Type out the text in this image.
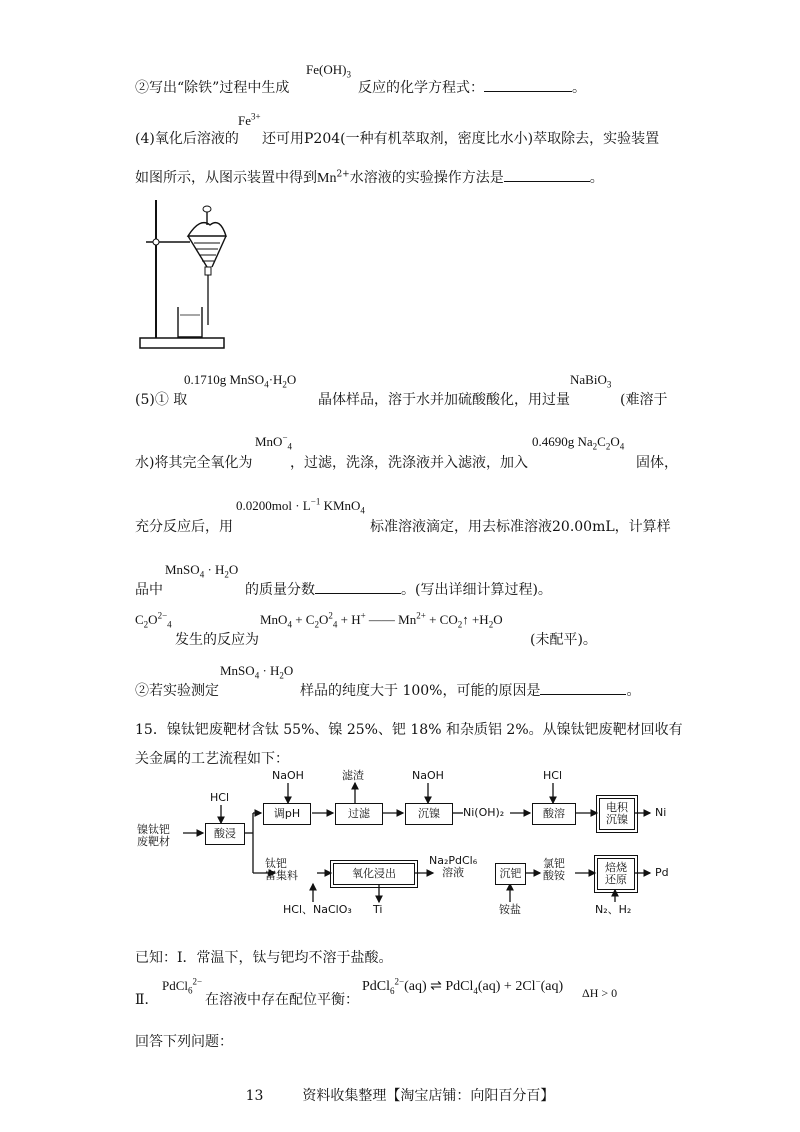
②写出“除铁”过程中生成
$Fe(OH)_3$
反应的化学方程式：	。
(4)氧化后溶液的
$Fe^{3+}$
还可用P204(一种有机萃取剂，密度比水小)萃取除去，实验装置
如图所示，从图示装置中得到$Mn^{2+}$水溶液的实验操作方法是	。
(5)① 取
0.1710g $MnSO_4\cdot H_2O$
晶体样品，溶于水并加硫酸酸化，用过量
NaBiO$_3$
(难溶于
水)将其完全氧化为
MnO−$_4$
，过滤，洗涤，洗涤液并入滤液，加入
0.4690g $Na_2C_2O_4$
固体，
充分反应后，用
$0.0200mol \cdot L^{-1}$ KMnO$_4$
标准溶液滴定，用去标准溶液20.00mL，计算样
品中
MnSO$_4$ · $H_2O$
的质量分数	。(写出详细计算过程)。
$C_2O^{2-}_4$
发生的反应为
$MnO_4 + C_2O^2_4 + H^+$ —— $Mn^{2+}$ + $CO_2↑ +H_2O$
(未配平)。
②若实验测定
MnSO$_4$ · $H_2O$
样品的纯度大于 100%，可能的原因是	。
15．镍钛钯废靶材含钛 55%、镍 25%、钯 18% 和杂质铝 2%。从镍钛钯废靶材回收有
关金属的工艺流程如下：
镍钛钯
废靶材
HCl
酸浸
NaOH
调pH
滤渣
过滤
NaOH
沉镍	Ni(OH)₂
HCl
酸溶	电积
沉镍
Ni
钛钯
富集料	氧化浸出
HCl、NaClO₃ Ti
Na₂PdCl₆
溶液	沉钯
铵盐
氯钯
酸铵
焙烧
还原
N₂、H₂
Pd
已知：Ⅰ．常温下，钛与钯均不溶于盐酸。
Ⅱ．
PdCl$_6^{2-}$
在溶液中存在配位平衡：
PdCl$_6^{2-}$(aq) ⇌ PdCl$_4$(aq) + 2Cl−(aq) ΔH > 0
回答下列问题：
13	资料收集整理【淘宝店铺：向阳百分百】
